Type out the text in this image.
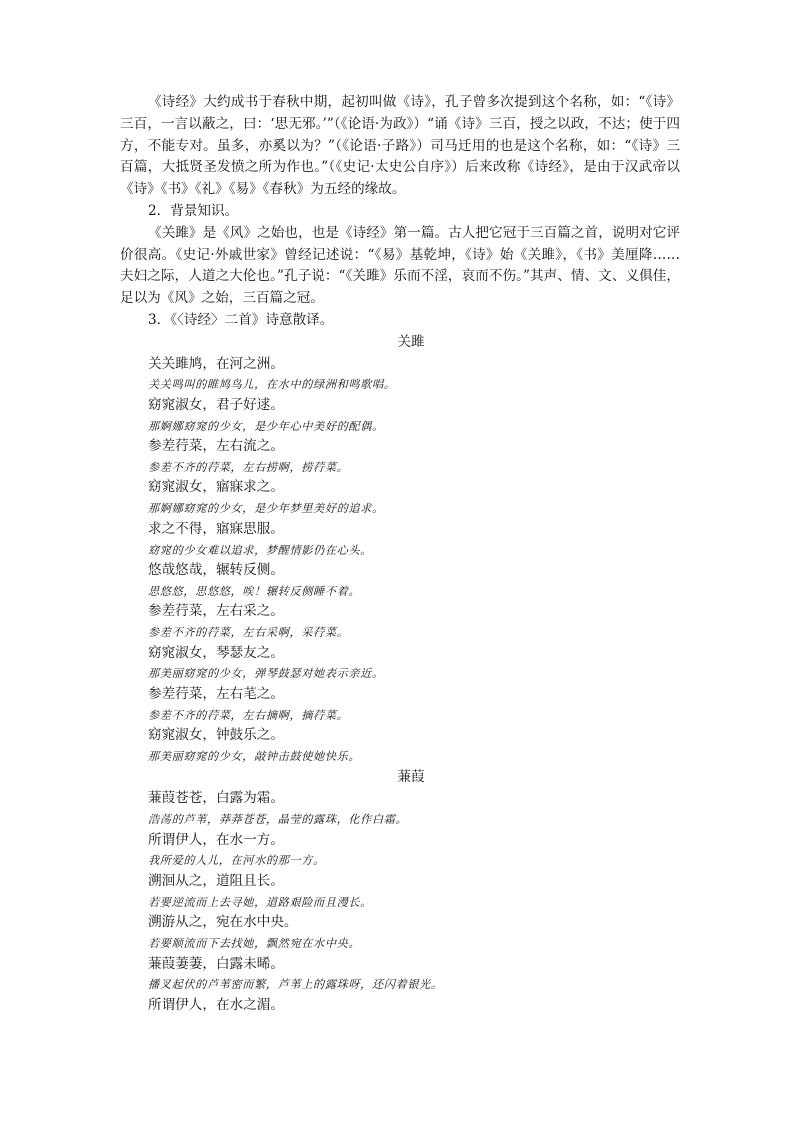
《诗经》大约成书于春秋中期，起初叫做《诗》，孔子曾多次提到这个名称，如：“《诗》三百，一言以蔽之，曰：‘思无邪。’”（《论语·为政》）“诵《诗》三百，授之以政，不达；使于四方，不能专对。虽多，亦奚以为？”（《论语·子路》）司马迁用的也是这个名称，如：“《诗》三百篇，大抵贤圣发愤之所为作也。”（《史记·太史公自序》）后来改称《诗经》，是由于汉武帝以《诗》《书》《礼》《易》《春秋》为五经的缘故。

2．背景知识。

《关雎》是《风》之始也，也是《诗经》第一篇。古人把它冠于三百篇之首，说明对它评价很高。《史记·外戚世家》曾经记述说：“《易》基乾坤，《诗》始《关雎》，《书》美厘降……夫妇之际，人道之大伦也。”孔子说：“《关雎》乐而不淫，哀而不伤。”其声、情、文、义俱佳，足以为《风》之始，三百篇之冠。

3．《〈诗经〉二首》诗意散译。

关雎

关关雎鸠，在河之洲。

关关鸣叫的睢鸠鸟儿，在水中的绿洲和鸣歌唱。

窈窕淑女，君子好逑。

那婀娜窈窕的少女，是少年心中美好的配偶。

参差荇菜，左右流之。

参差不齐的荇菜，左右捞啊，捞荇菜。

窈窕淑女，寤寐求之。

那婀娜窈窕的少女，是少年梦里美好的追求。

求之不得，寤寐思服。

窈窕的少女难以追求，梦醒情影仍在心头。

悠哉悠哉，辗转反侧。

思悠悠，思悠悠，唉！辗转反侧睡不着。

参差荇菜，左右采之。

参差不齐的荇菜，左右采啊，采荇菜。

窈窕淑女，琴瑟友之。

那美丽窈窕的少女，弹琴鼓瑟对她表示亲近。

参差荇菜，左右芼之。

参差不齐的荇菜，左右摘啊，摘荇菜。

窈窕淑女，钟鼓乐之。

那美丽窈窕的少女，敲钟击鼓使她快乐。

蒹葭

蒹葭苍苍，白露为霜。

浩荡的芦苇，莽莽苍苍，晶莹的露珠，化作白霜。

所谓伊人，在水一方。

我所爱的人儿，在河水的那一方。

溯洄从之，道阻且长。

若要逆流而上去寻她，道路艰险而且漫长。

溯游从之，宛在水中央。

若要顺流而下去找她，飘然宛在水中央。

蒹葭萋萋，白露未晞。

播叉起伏的芦苇密而繁，芦苇上的露珠呀，还闪着银光。

所谓伊人，在水之湄。
